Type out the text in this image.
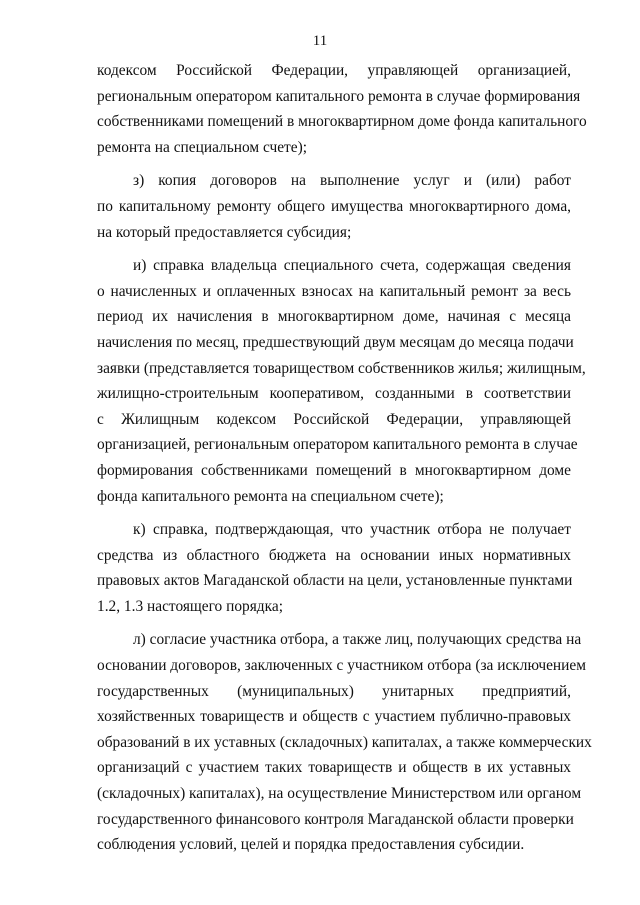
11
кодексом Российской Федерации, управляющей организацией,
региональным оператором капитального ремонта в случае формирования
собственниками помещений в многоквартирном доме фонда капитального
ремонта на специальном счете);
з) копия договоров на выполнение услуг и (или) работ
по капитальному ремонту общего имущества многоквартирного дома,
на который предоставляется субсидия;
и) справка владельца специального счета, содержащая сведения
о начисленных и оплаченных взносах на капитальный ремонт за весь
период их начисления в многоквартирном доме, начиная с месяца
начисления по месяц, предшествующий двум месяцам до месяца подачи
заявки (представляется товариществом собственников жилья; жилищным,
жилищно-строительным кооперативом, созданными в соответствии
с Жилищным кодексом Российской Федерации, управляющей
организацией, региональным оператором капитального ремонта в случае
формирования собственниками помещений в многоквартирном доме
фонда капитального ремонта на специальном счете);
к) справка, подтверждающая, что участник отбора не получает
средства из областного бюджета на основании иных нормативных
правовых актов Магаданской области на цели, установленные пунктами
1.2, 1.3 настоящего порядка;
л) согласие участника отбора, а также лиц, получающих средства на
основании договоров, заключенных с участником отбора (за исключением
государственных (муниципальных) унитарных предприятий,
хозяйственных товариществ и обществ с участием публично-правовых
образований в их уставных (складочных) капиталах, а также коммерческих
организаций с участием таких товариществ и обществ в их уставных
(складочных) капиталах), на осуществление Министерством или органом
государственного финансового контроля Магаданской области проверки
соблюдения условий, целей и порядка предоставления субсидии.
